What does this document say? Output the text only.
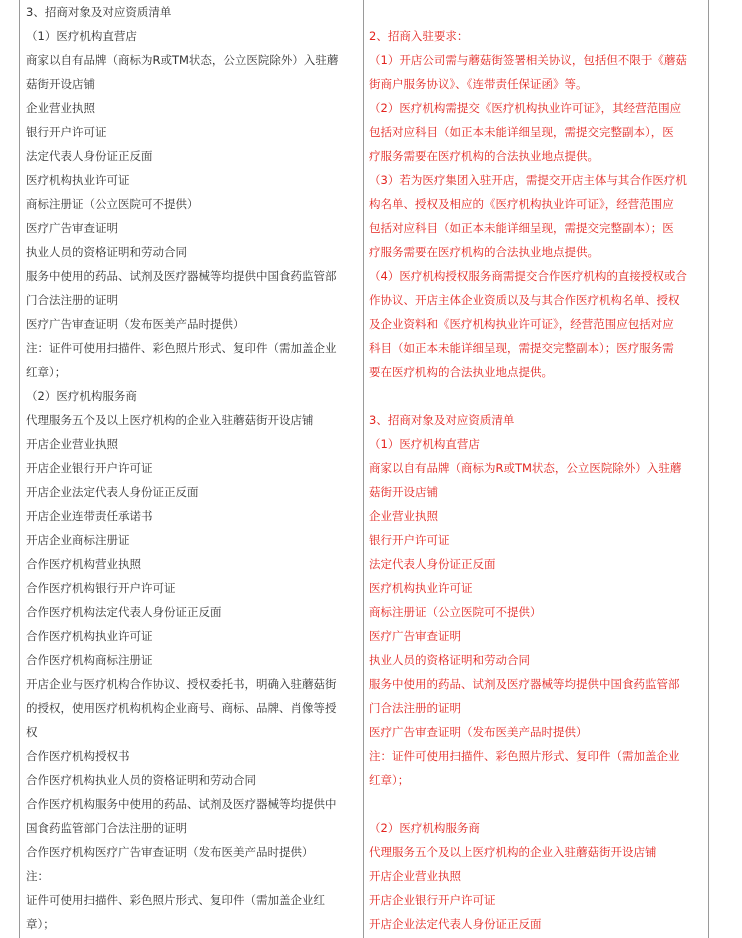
3、招商对象及对应资质清单
（1）医疗机构直营店
商家以自有品牌（商标为R或TM状态，公立医院除外）入驻蘑
菇街开设店铺
企业营业执照
银行开户许可证
法定代表人身份证正反面
医疗机构执业许可证
商标注册证（公立医院可不提供）
医疗广告审查证明
执业人员的资格证明和劳动合同
服务中使用的药品、试剂及医疗器械等均提供中国食药监管部
门合法注册的证明
医疗广告审查证明（发布医美产品时提供）
注：证件可使用扫描件、彩色照片形式、复印件（需加盖企业
红章）；
（2）医疗机构服务商
代理服务五个及以上医疗机构的企业入驻蘑菇街开设店铺
开店企业营业执照
开店企业银行开户许可证
开店企业法定代表人身份证正反面
开店企业连带责任承诺书
开店企业商标注册证
合作医疗机构营业执照
合作医疗机构银行开户许可证
合作医疗机构法定代表人身份证正反面
合作医疗机构执业许可证
合作医疗机构商标注册证
开店企业与医疗机构合作协议、授权委托书，明确入驻蘑菇街
的授权，使用医疗机构机构企业商号、商标、品牌、肖像等授
权
合作医疗机构授权书
合作医疗机构执业人员的资格证明和劳动合同
合作医疗机构服务中使用的药品、试剂及医疗器械等均提供中
国食药监管部门合法注册的证明
合作医疗机构医疗广告审查证明（发布医美产品时提供）
注：
证件可使用扫描件、彩色照片形式、复印件（需加盖企业红
章）；
2、招商入驻要求：
（1）开店公司需与蘑菇街签署相关协议，包括但不限于《蘑菇
街商户服务协议》、《连带责任保证函》等。
（2）医疗机构需提交《医疗机构执业许可证》，其经营范围应
包括对应科目（如正本未能详细呈现，需提交完整副本），医
疗服务需要在医疗机构的合法执业地点提供。
（3）若为医疗集团入驻开店，需提交开店主体与其合作医疗机
构名单、授权及相应的《医疗机构执业许可证》，经营范围应
包括对应科目（如正本未能详细呈现，需提交完整副本）；医
疗服务需要在医疗机构的合法执业地点提供。
（4）医疗机构授权服务商需提交合作医疗机构的直接授权或合
作协议、开店主体企业资质以及与其合作医疗机构名单、授权
及企业资料和《医疗机构执业许可证》，经营范围应包括对应
科目（如正本未能详细呈现，需提交完整副本）；医疗服务需
要在医疗机构的合法执业地点提供。
3、招商对象及对应资质清单
（1）医疗机构直营店
商家以自有品牌（商标为R或TM状态，公立医院除外）入驻蘑
菇街开设店铺
企业营业执照
银行开户许可证
法定代表人身份证正反面
医疗机构执业许可证
商标注册证（公立医院可不提供）
医疗广告审查证明
执业人员的资格证明和劳动合同
服务中使用的药品、试剂及医疗器械等均提供中国食药监管部
门合法注册的证明
医疗广告审查证明（发布医美产品时提供）
注：证件可使用扫描件、彩色照片形式、复印件（需加盖企业
红章）；
（2）医疗机构服务商
代理服务五个及以上医疗机构的企业入驻蘑菇街开设店铺
开店企业营业执照
开店企业银行开户许可证
开店企业法定代表人身份证正反面
